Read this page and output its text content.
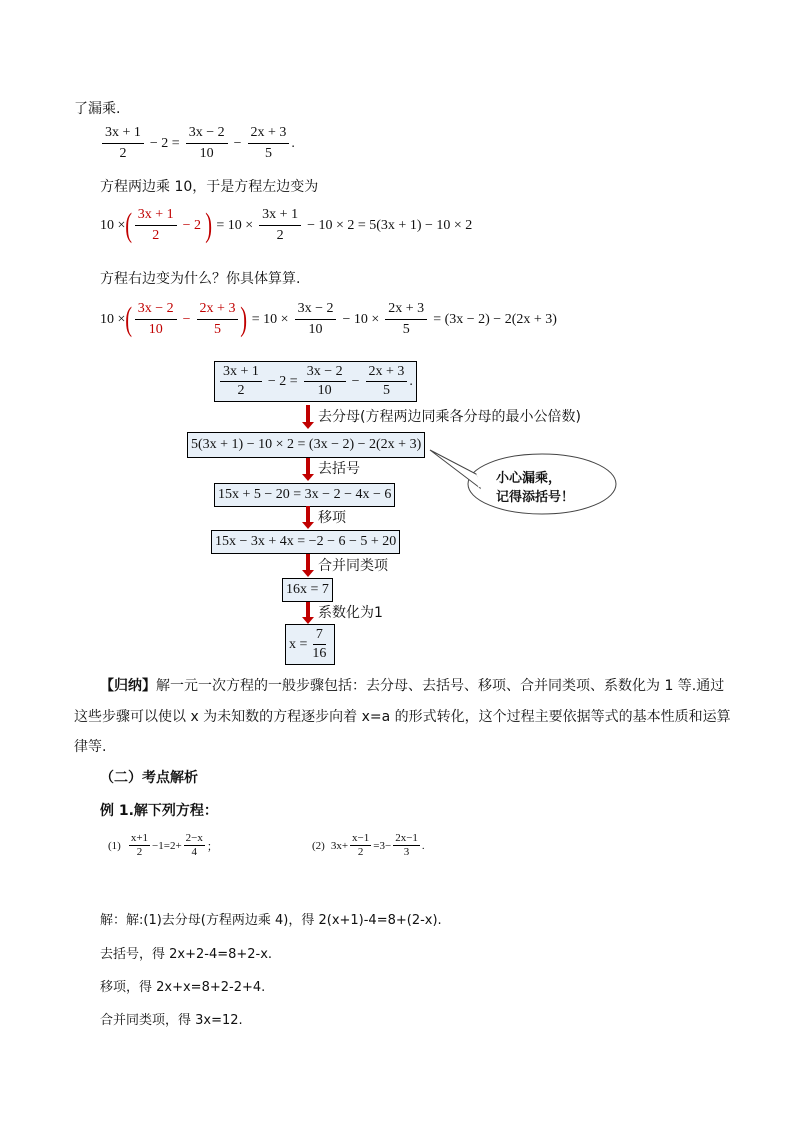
了漏乘.
$\frac{3x + 1}{2} - 2 = \frac{3x - 2}{10} - \frac{2x + 3}{5}$ .
方程两边乘 10，于是方程左边变为
10 × ( $\frac{3x + 1}{2} - 2$ ) = $10 \times \frac{3x + 1}{2} - 10 \times 2 = 5(3x + 1) - 10 \times 2$
方程右边变为什么？你具体算算.
10 × ( $\frac{3x - 2}{10} - \frac{2x + 3}{5}$ ) = $10 \times \frac{3x - 2}{10} - 10 \times \frac{2x + 3}{5} = (3x - 2) - 2(2x + 3)$
$\frac{3x + 1}{2} - 2 = \frac{3x - 2}{10} - \frac{2x + 3}{5}$ .
去分母(方程两边同乘各分母的最小公倍数)
5(3x + 1) − 10 × 2 = (3x − 2) − 2(2x + 3)
去括号
15x + 5 − 20 = 3x − 2 − 4x − 6
移项
15x − 3x + 4x = −2 − 6 − 5 + 20
合并同类项
16x = 7
系数化为1
$x = \frac{7}{16}$
小心漏乘，
记得添括号！
【归纳】解一元一次方程的一般步骤包括：去分母、去括号、移项、合并同类项、系数化为 1 等.通过
这些步骤可以使以 x 为未知数的方程逐步向着 x=a 的形式转化，这个过程主要依据等式的基本性质和运算
律等.
（二）考点解析
例 1.解下列方程：
$(1) \frac{x+1}{2} -1=2+ \frac{2-x}{4}$ ；	(2) $3x+ \frac{x-1}{2} =3- \frac{2x-1}{3}$ .
解：解:(1)去分母(方程两边乘 4)，得 2(x+1)-4=8+(2-x).
去括号，得 2x+2-4=8+2-x.
移项，得 2x+x=8+2-2+4.
合并同类项，得 3x=12.
